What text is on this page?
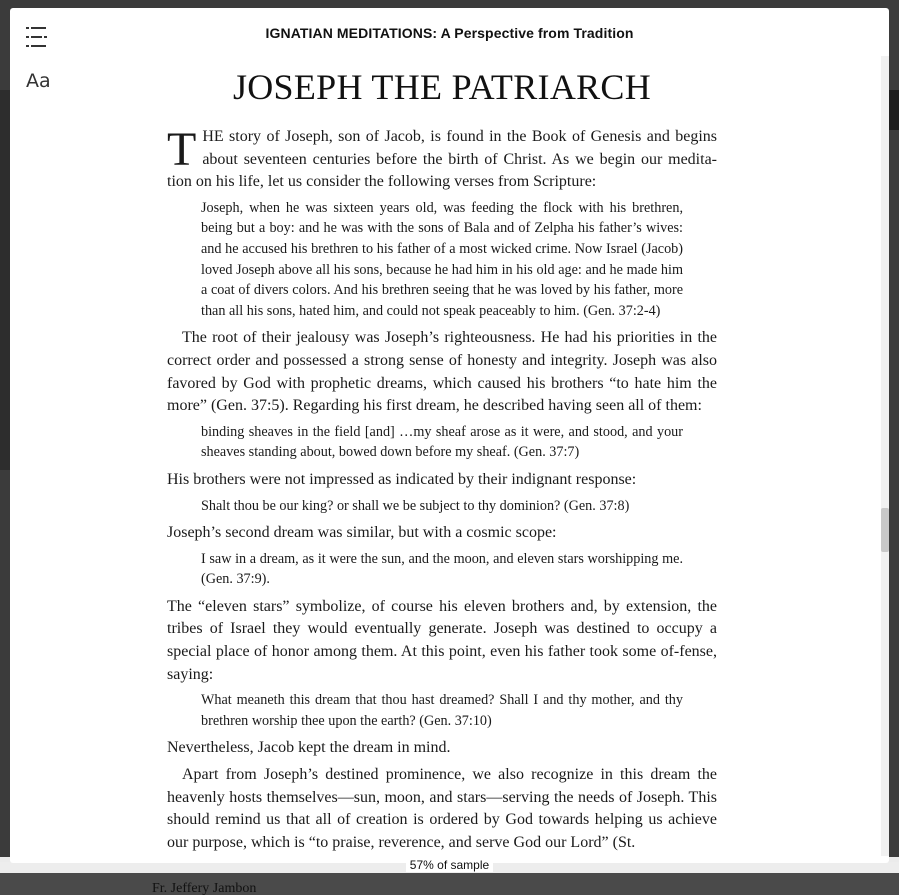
Fr. Jeffery Jambon
Aa
IGNATIAN MEDITATIONS: A Perspective from Tradition
JOSEPH THE PATRIARCH

THE story of Joseph, son of Jacob, is found in the Book of Genesis and begins about seventeen centuries before the birth of Christ. As we begin our medita-tion on his life, let us consider the following verses from Scripture:

Joseph, when he was sixteen years old, was feeding the flock with his brethren, being but a boy: and he was with the sons of Bala and of Zelpha his father’s wives: and he accused his brethren to his father of a most wicked crime. Now Israel (Jacob) loved Joseph above all his sons, because he had him in his old age: and he made him a coat of divers colors. And his brethren seeing that he was loved by his father, more than all his sons, hated him, and could not speak peaceably to him. (Gen. 37:2-4)

The root of their jealousy was Joseph’s righteousness. He had his priorities in the correct order and possessed a strong sense of honesty and integrity. Joseph was also favored by God with prophetic dreams, which caused his brothers “to hate him the more” (Gen. 37:5). Regarding his first dream, he described having seen all of them:

binding sheaves in the field [and] …my sheaf arose as it were, and stood, and your sheaves standing about, bowed down before my sheaf. (Gen. 37:7)

His brothers were not impressed as indicated by their indignant response:

Shalt thou be our king? or shall we be subject to thy dominion? (Gen. 37:8)

Joseph’s second dream was similar, but with a cosmic scope:

I saw in a dream, as it were the sun, and the moon, and eleven stars worshipping me. (Gen. 37:9).

The “eleven stars” symbolize, of course his eleven brothers and, by extension, the tribes of Israel they would eventually generate. Joseph was destined to occupy a special place of honor among them. At this point, even his father took some of-fense, saying:

What meaneth this dream that thou hast dreamed? Shall I and thy mother, and thy brethren worship thee upon the earth? (Gen. 37:10)

Nevertheless, Jacob kept the dream in mind.

Apart from Joseph’s destined prominence, we also recognize in this dream the heavenly hosts themselves—sun, moon, and stars—serving the needs of Joseph. This should remind us that all of creation is ordered by God towards helping us achieve our purpose, which is “to praise, reverence, and serve God our Lord” (St.

57% of sample
